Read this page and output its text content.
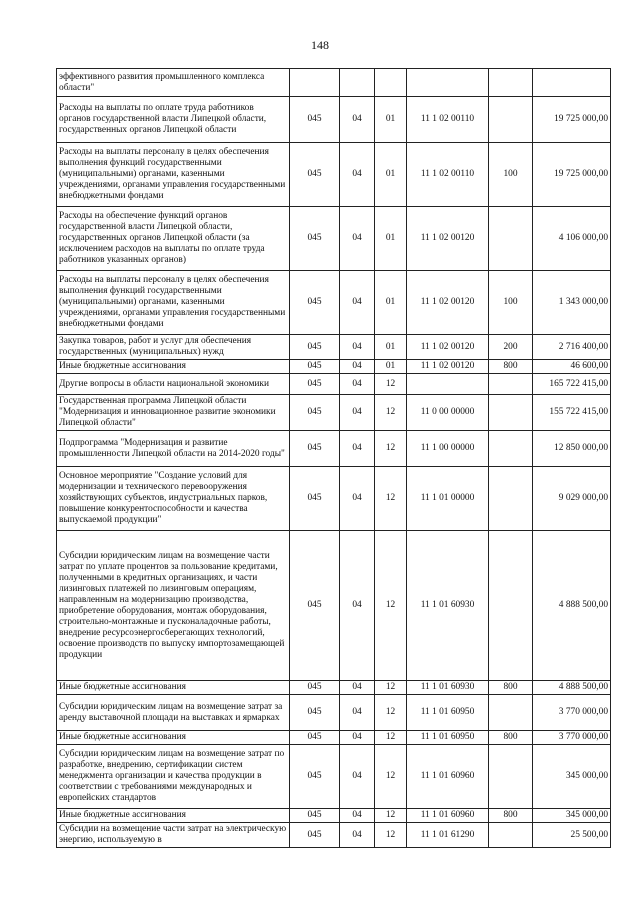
148
эффективного развития промышленного комплекса области"						
Расходы на выплаты по оплате труда работников органов государственной власти Липецкой области, государственных органов Липецкой области	045	04	01	11 1 02 00110		19 725 000,00
Расходы на выплаты персоналу в целях обеспечения выполнения функций государственными (муниципальными) органами, казенными учреждениями, органами управления государственными внебюджетными фондами	045	04	01	11 1 02 00110	100	19 725 000,00
Расходы на обеспечение функций органов государственной власти Липецкой области, государственных органов Липецкой области (за исключением расходов на выплаты по оплате труда работников указанных органов)	045	04	01	11 1 02 00120		4 106 000,00
Расходы на выплаты персоналу в целях обеспечения выполнения функций государственными (муниципальными) органами, казенными учреждениями, органами управления государственными внебюджетными фондами	045	04	01	11 1 02 00120	100	1 343 000,00
Закупка товаров, работ и услуг для обеспечения государственных (муниципальных) нужд	045	04	01	11 1 02 00120	200	2 716 400,00
Иные бюджетные ассигнования	045	04	01	11 1 02 00120	800	46 600,00
Другие вопросы в области национальной экономики	045	04	12			165 722 415,00
Государственная программа Липецкой области "Модернизация и инновационное развитие экономики Липецкой области"	045	04	12	11 0 00 00000		155 722 415,00
Подпрограмма "Модернизация и развитие промышленности Липецкой области на 2014-2020 годы"	045	04	12	11 1 00 00000		12 850 000,00
Основное мероприятие "Создание условий для модернизации и технического перевооружения хозяйствующих субъектов, индустриальных парков, повышение конкурентоспособности и качества выпускаемой продукции"	045	04	12	11 1 01 00000		9 029 000,00
Субсидии юридическим лицам на возмещение части затрат по уплате процентов за пользование кредитами, полученными в кредитных организациях, и части лизинговых платежей по лизинговым операциям, направленным на модернизацию производства, приобретение оборудования, монтаж оборудования, строительно-монтажные и пусконаладочные работы, внедрение ресурсоэнергосберегающих технологий, освоение производств по выпуску импортозамещающей продукции	045	04	12	11 1 01 60930		4 888 500,00
Иные бюджетные ассигнования	045	04	12	11 1 01 60930	800	4 888 500,00
Субсидии юридическим лицам на возмещение затрат за аренду выставочной площади на выставках и ярмарках	045	04	12	11 1 01 60950		3 770 000,00
Иные бюджетные ассигнования	045	04	12	11 1 01 60950	800	3 770 000,00
Субсидии юридическим лицам на возмещение затрат по разработке, внедрению, сертификации систем менеджмента организации и качества продукции в соответствии с требованиями международных и европейских стандартов	045	04	12	11 1 01 60960		345 000,00
Иные бюджетные ассигнования	045	04	12	11 1 01 60960	800	345 000,00
Субсидии на возмещение части затрат на электрическую энергию, используемую в	045	04	12	11 1 01 61290		25 500,00
